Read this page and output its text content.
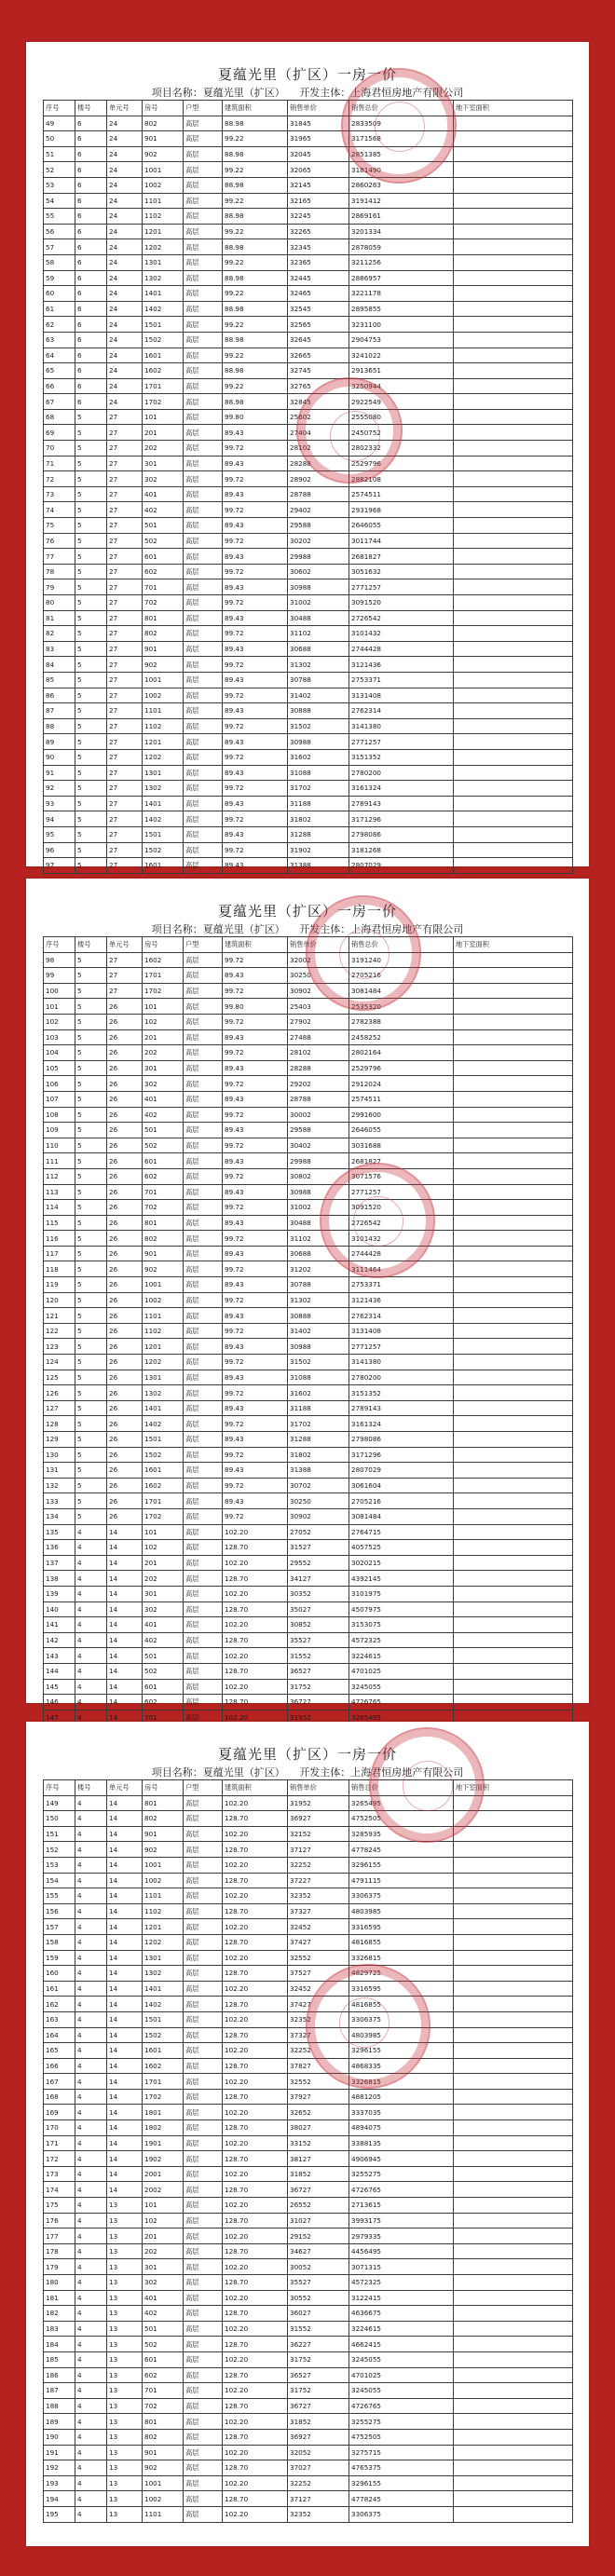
夏蕴光里（扩区）一房一价
项目名称：夏蕴光里（扩区） 开发主体：上海君恒房地产有限公司
序号	楼号	单元号	房号	户型	建筑面积	销售单价	销售总价	地下室面积
49	6	24	802	高层	88.98	31845	2833509	
50	6	24	901	高层	99.22	31965	3171568	
51	6	24	902	高层	88.98	32045	2851385	
52	6	24	1001	高层	99.22	32065	3181490	
53	6	24	1002	高层	88.98	32145	2860263	
54	6	24	1101	高层	99.22	32165	3191412	
55	6	24	1102	高层	88.98	32245	2869161	
56	6	24	1201	高层	99.22	32265	3201334	
57	6	24	1202	高层	88.98	32345	2878059	
58	6	24	1301	高层	99.22	32365	3211256	
59	6	24	1302	高层	88.98	32445	2886957	
60	6	24	1401	高层	99.22	32465	3221178	
61	6	24	1402	高层	88.98	32545	2895855	
62	6	24	1501	高层	99.22	32565	3231100	
63	6	24	1502	高层	88.98	32645	2904753	
64	6	24	1601	高层	99.22	32665	3241022	
65	6	24	1602	高层	88.98	32745	2913651	
66	6	24	1701	高层	99.22	32765	3250944	
67	6	24	1702	高层	88.98	32845	2922549	
68	5	27	101	高层	99.80	25602	2555080	
69	5	27	201	高层	89.43	27404	2450752	
70	5	27	202	高层	99.72	28102	2802332	
71	5	27	301	高层	89.43	28288	2529796	
72	5	27	302	高层	99.72	28902	2882108	
73	5	27	401	高层	89.43	28788	2574511	
74	5	27	402	高层	99.72	29402	2931968	
75	5	27	501	高层	89.43	29588	2646055	
76	5	27	502	高层	99.72	30202	3011744	
77	5	27	601	高层	89.43	29988	2681827	
78	5	27	602	高层	99.72	30602	3051632	
79	5	27	701	高层	89.43	30988	2771257	
80	5	27	702	高层	99.72	31002	3091520	
81	5	27	801	高层	89.43	30488	2726542	
82	5	27	802	高层	99.72	31102	3101432	
83	5	27	901	高层	89.43	30688	2744428	
84	5	27	902	高层	99.72	31302	3121436	
85	5	27	1001	高层	89.43	30788	2753371	
86	5	27	1002	高层	99.72	31402	3131408	
87	5	27	1101	高层	89.43	30888	2762314	
88	5	27	1102	高层	99.72	31502	3141380	
89	5	27	1201	高层	89.43	30988	2771257	
90	5	27	1202	高层	99.72	31602	3151352	
91	5	27	1301	高层	89.43	31088	2780200	
92	5	27	1302	高层	99.72	31702	3161324	
93	5	27	1401	高层	89.43	31188	2789143	
94	5	27	1402	高层	99.72	31802	3171296	
95	5	27	1501	高层	89.43	31288	2798086	
96	5	27	1502	高层	99.72	31902	3181268	
97	5	27	1601	高层	89.43	31388	2807029	
夏蕴光里（扩区）一房一价
项目名称：夏蕴光里（扩区） 开发主体：上海君恒房地产有限公司
序号	楼号	单元号	房号	户型	建筑面积	销售单价	销售总价	地下室面积
98	5	27	1602	高层	99.72	32002	3191240	
99	5	27	1701	高层	89.43	30250	2705216	
100	5	27	1702	高层	99.72	30902	3081484	
101	5	26	101	高层	99.80	25403	2535320	
102	5	26	102	高层	99.72	27902	2782388	
103	5	26	201	高层	89.43	27488	2458252	
104	5	26	202	高层	99.72	28102	2802164	
105	5	26	301	高层	89.43	28288	2529796	
106	5	26	302	高层	99.72	29202	2912024	
107	5	26	401	高层	89.43	28788	2574511	
108	5	26	402	高层	99.72	30002	2991600	
109	5	26	501	高层	89.43	29588	2646055	
110	5	26	502	高层	99.72	30402	3031688	
111	5	26	601	高层	89.43	29988	2681827	
112	5	26	602	高层	99.72	30802	3071576	
113	5	26	701	高层	89.43	30988	2771257	
114	5	26	702	高层	99.72	31002	3091520	
115	5	26	801	高层	89.43	30488	2726542	
116	5	26	802	高层	99.72	31102	3101432	
117	5	26	901	高层	89.43	30688	2744428	
118	5	26	902	高层	99.72	31202	3111464	
119	5	26	1001	高层	89.43	30788	2753371	
120	5	26	1002	高层	99.72	31302	3121436	
121	5	26	1101	高层	89.43	30888	2762314	
122	5	26	1102	高层	99.72	31402	3131408	
123	5	26	1201	高层	89.43	30988	2771257	
124	5	26	1202	高层	99.72	31502	3141380	
125	5	26	1301	高层	89.43	31088	2780200	
126	5	26	1302	高层	99.72	31602	3151352	
127	5	26	1401	高层	89.43	31188	2789143	
128	5	26	1402	高层	99.72	31702	3161324	
129	5	26	1501	高层	89.43	31288	2798086	
130	5	26	1502	高层	99.72	31802	3171296	
131	5	26	1601	高层	89.43	31388	2807029	
132	5	26	1602	高层	99.72	30702	3061604	
133	5	26	1701	高层	89.43	30250	2705216	
134	5	26	1702	高层	99.72	30902	3081484	
135	4	14	101	高层	102.20	27052	2764715	
136	4	14	102	高层	128.70	31527	4057525	
137	4	14	201	高层	102.20	29552	3020215	
138	4	14	202	高层	128.70	34127	4392145	
139	4	14	301	高层	102.20	30352	3101975	
140	4	14	302	高层	128.70	35027	4507975	
141	4	14	401	高层	102.20	30852	3153075	
142	4	14	402	高层	128.70	35527	4572325	
143	4	14	501	高层	102.20	31552	3224615	
144	4	14	502	高层	128.70	36527	4701025	
145	4	14	601	高层	102.20	31752	3245055	
146	4	14	602	高层	128.70	36727	4726765	
147	4	14	701	高层	102.20	31952	3265495	

夏蕴光里（扩区）一房一价
项目名称：夏蕴光里（扩区） 开发主体：上海君恒房地产有限公司
序号	楼号	单元号	房号	户型	建筑面积	销售单价	销售总价	地下室面积
149	4	14	801	高层	102.20	31952	3265495	
150	4	14	802	高层	128.70	36927	4752505	
151	4	14	901	高层	102.20	32152	3285935	
152	4	14	902	高层	128.70	37127	4778245	
153	4	14	1001	高层	102.20	32252	3296155	
154	4	14	1002	高层	128.70	37227	4791115	
155	4	14	1101	高层	102.20	32352	3306375	
156	4	14	1102	高层	128.70	37327	4803985	
157	4	14	1201	高层	102.20	32452	3316595	
158	4	14	1202	高层	128.70	37427	4816855	
159	4	14	1301	高层	102.20	32552	3326815	
160	4	14	1302	高层	128.70	37527	4829725	
161	4	14	1401	高层	102.20	32452	3316595	
162	4	14	1402	高层	128.70	37427	4816855	
163	4	14	1501	高层	102.20	32352	3306375	
164	4	14	1502	高层	128.70	37327	4803985	
165	4	14	1601	高层	102.20	32252	3296155	
166	4	14	1602	高层	128.70	37827	4868335	
167	4	14	1701	高层	102.20	32552	3326815	
168	4	14	1702	高层	128.70	37927	4881205	
169	4	14	1801	高层	102.20	32652	3337035	
170	4	14	1802	高层	128.70	38027	4894075	
171	4	14	1901	高层	102.20	33152	3388135	
172	4	14	1902	高层	128.70	38127	4906945	
173	4	14	2001	高层	102.20	31852	3255275	
174	4	14	2002	高层	128.70	36727	4726765	
175	4	13	101	高层	102.20	26552	2713615	
176	4	13	102	高层	128.70	31027	3993175	
177	4	13	201	高层	102.20	29152	2979335	
178	4	13	202	高层	128.70	34627	4456495	
179	4	13	301	高层	102.20	30052	3071315	
180	4	13	302	高层	128.70	35527	4572325	
181	4	13	401	高层	102.20	30552	3122415	
182	4	13	402	高层	128.70	36027	4636675	
183	4	13	501	高层	102.20	31552	3224615	
184	4	13	502	高层	128.70	36227	4662415	
185	4	13	601	高层	102.20	31752	3245055	
186	4	13	602	高层	128.70	36527	4701025	
187	4	13	701	高层	102.20	31752	3245055	
188	4	13	702	高层	128.70	36727	4726765	
189	4	13	801	高层	102.20	31852	3255275	
190	4	13	802	高层	128.70	36927	4752505	
191	4	13	901	高层	102.20	32052	3275715	
192	4	13	902	高层	128.70	37027	4765375	
193	4	13	1001	高层	102.20	32252	3296155	
194	4	13	1002	高层	128.70	37127	4778245	
195	4	13	1101	高层	102.20	32352	3306375	
